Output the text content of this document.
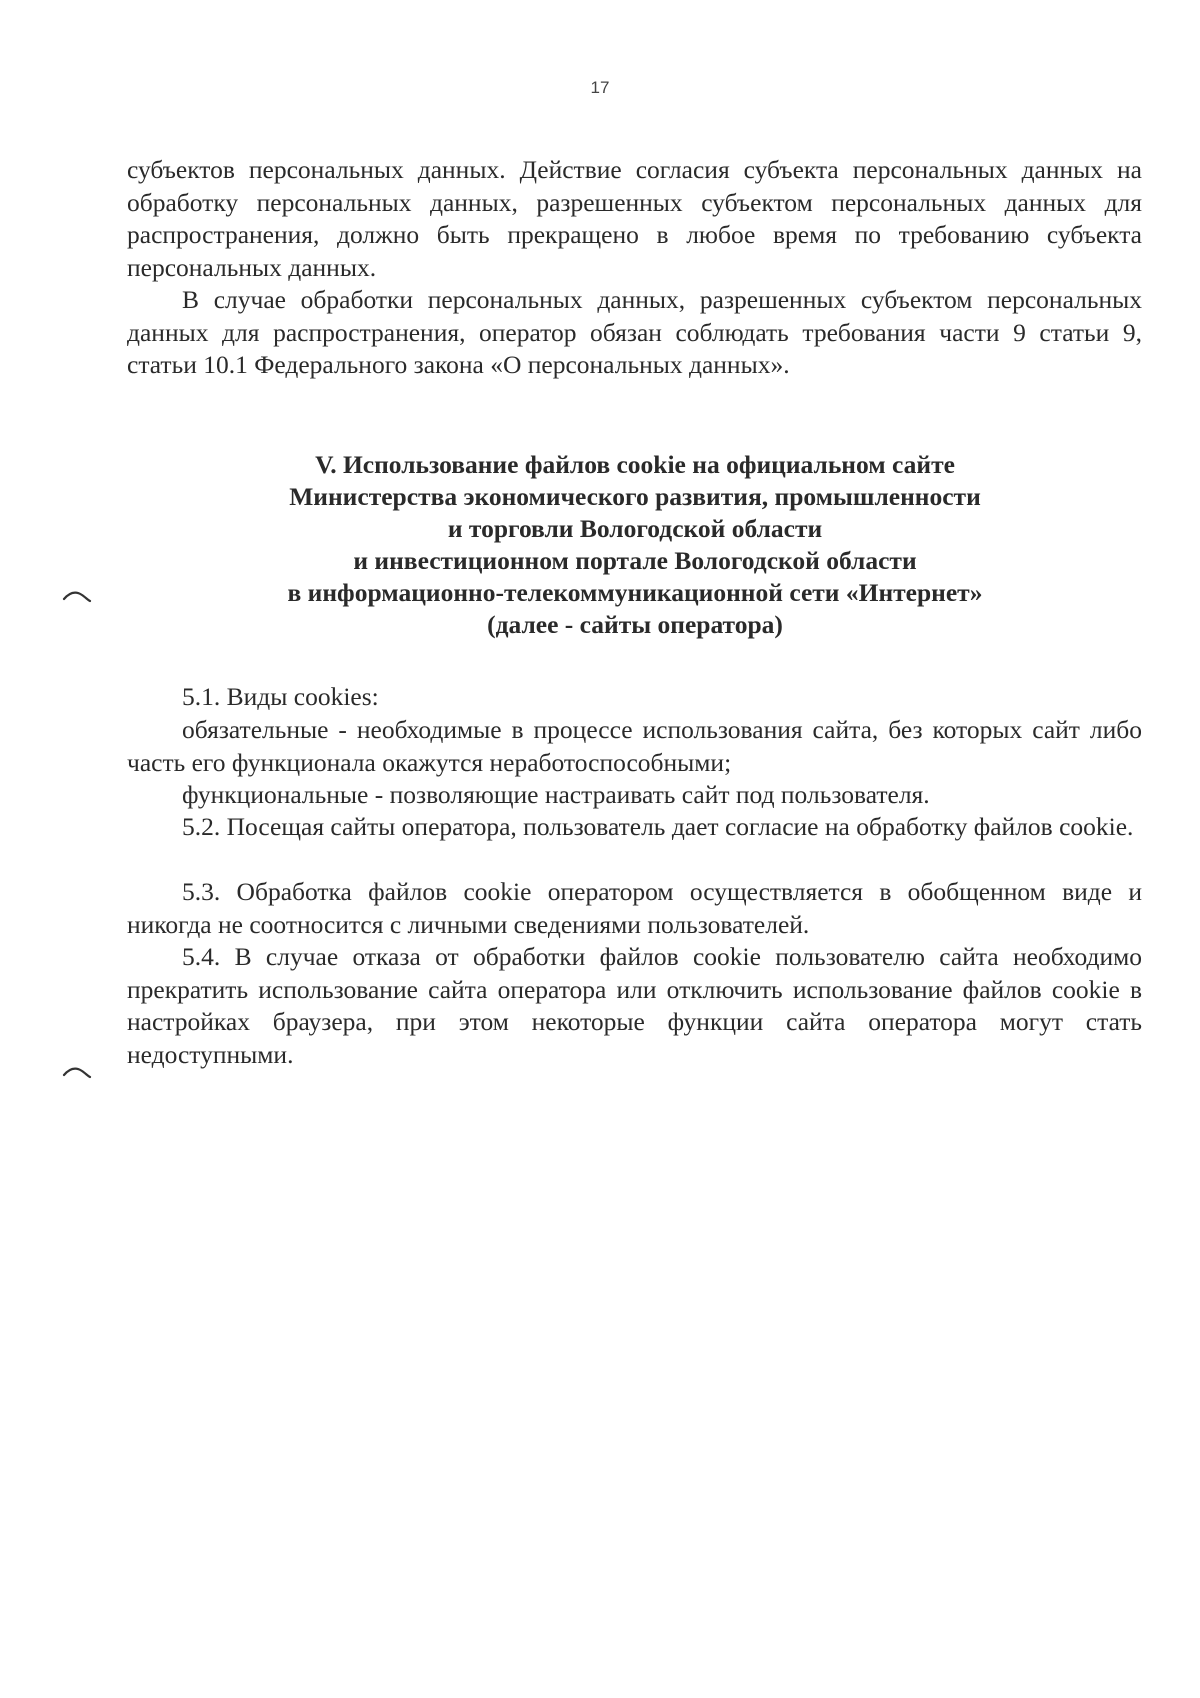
17

субъектов персональных данных. Действие согласия субъекта персональных данных на обработку персональных данных, разрешенных субъектом персональных данных для распространения, должно быть прекращено в любое время по требованию субъекта персональных данных.

В случае обработки персональных данных, разрешенных субъектом персональных данных для распространения, оператор обязан соблюдать требования части 9 статьи 9, статьи 10.1 Федерального закона «О персональных данных».

V. Использование файлов cookie на официальном сайте
Министерства экономического развития, промышленности
и торговли Вологодской области
и инвестиционном портале Вологодской области
в информационно-телекоммуникационной сети «Интернет»
(далее - сайты оператора)

5.1. Виды cookies:

обязательные - необходимые в процессе использования сайта, без которых сайт либо часть его функционала окажутся неработоспособными;

функциональные - позволяющие настраивать сайт под пользователя.

5.2. Посещая сайты оператора, пользователь дает согласие на обработку файлов cookie.

5.3. Обработка файлов cookie оператором осуществляется в обобщенном виде и никогда не соотносится с личными сведениями пользователей.

5.4. В случае отказа от обработки файлов cookie пользователю сайта необходимо прекратить использование сайта оператора или отключить использование файлов cookie в настройках браузера, при этом некоторые функции сайта оператора могут стать недоступными.
